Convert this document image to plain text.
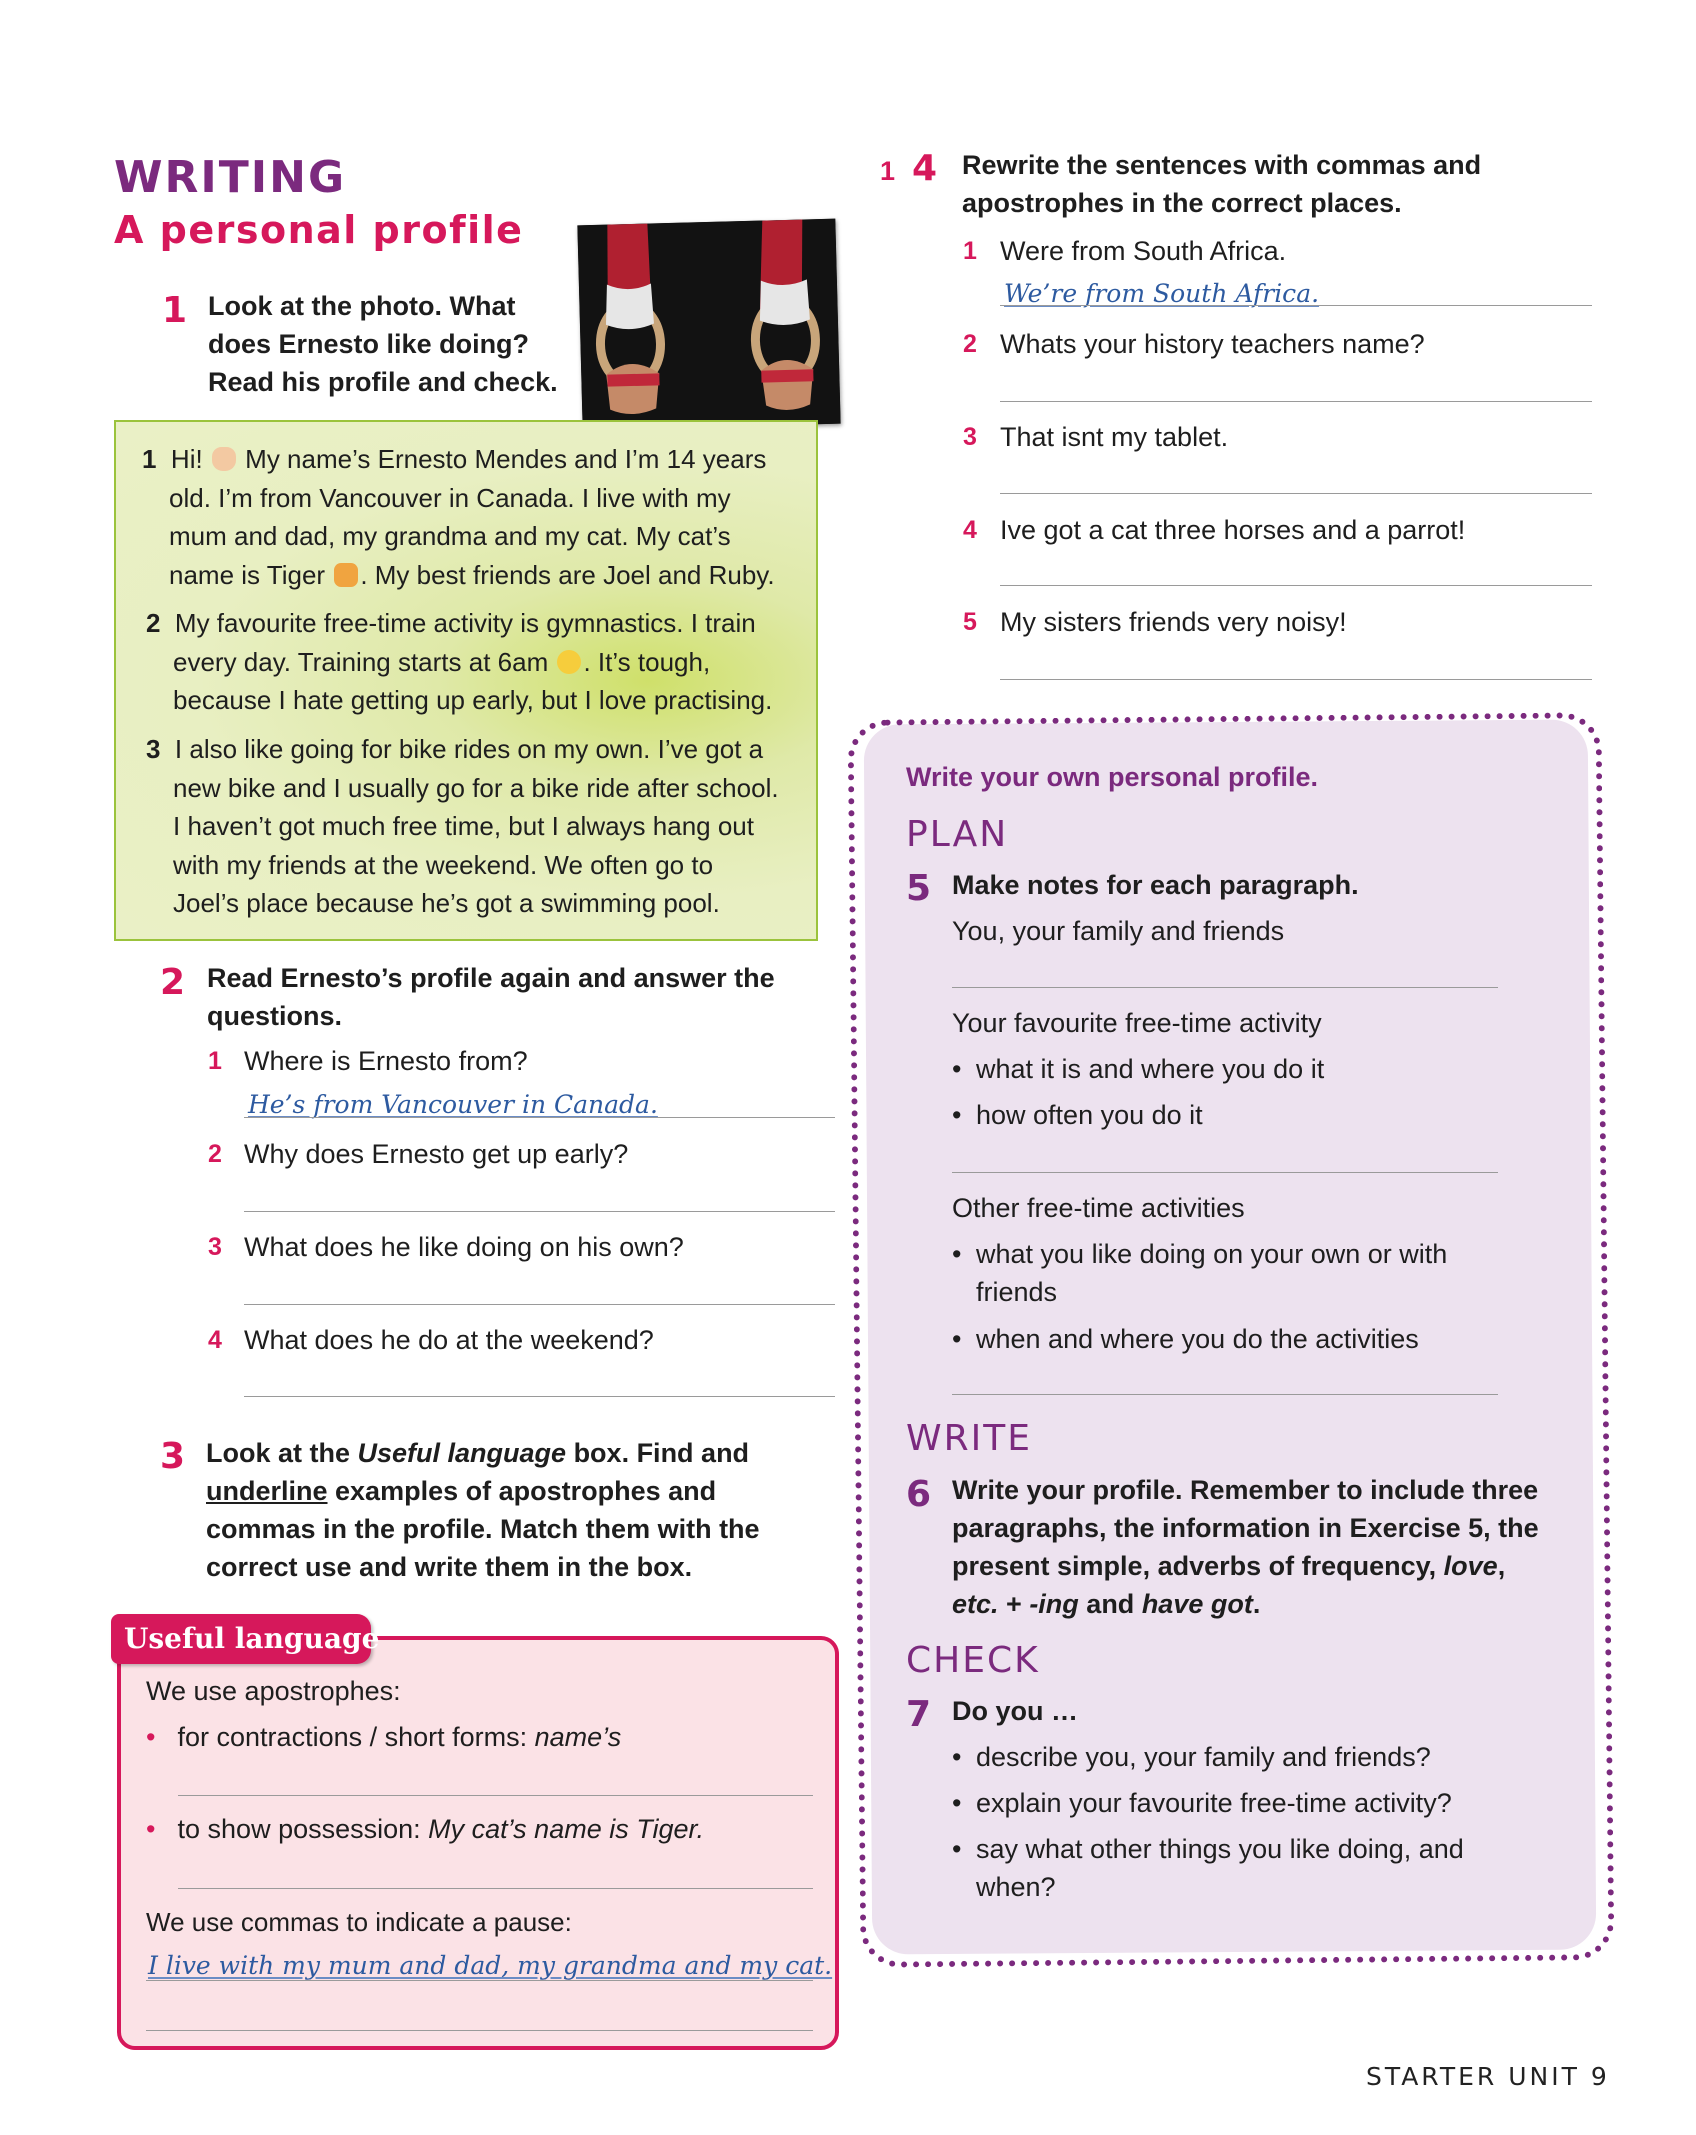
WRITING
A personal profile
1 Look at the photo. What
does Ernesto like doing?
Read his profile and check.
1 Hi! My name’s Ernesto Mendes and I’m 14 years
old. I’m from Vancouver in Canada. I live with my
mum and dad, my grandma and my cat. My cat’s
name is Tiger . My best friends are Joel and Ruby.
2 My favourite free-time activity is gymnastics. I train
every day. Training starts at 6am . It’s tough,
because I hate getting up early, but I love practising.
3 I also like going for bike rides on my own. I’ve got a
new bike and I usually go for a bike ride after school.
I haven’t got much free time, but I always hang out
with my friends at the weekend. We often go to
Joel’s place because he’s got a swimming pool.
2 Read Ernesto’s profile again and answer the
questions.
1 Where is Ernesto from?
He’s from Vancouver in Canada.
2 Why does Ernesto get up early?
3 What does he like doing on his own?
4 What does he do at the weekend?
3 Look at the Useful language box. Find and
underline examples of apostrophes and
commas in the profile. Match them with the
correct use and write them in the box.
Useful language
We use apostrophes:
• for contractions / short forms: name’s
• to show possession: My cat’s name is Tiger.
We use commas to indicate a pause:
I live with my mum and dad, my grandma and my cat.
1 4 Rewrite the sentences with commas and
apostrophes in the correct places.
1 Were from South Africa.
We’re from South Africa.
2 Whats your history teachers name?
3 That isnt my tablet.
4 Ive got a cat three horses and a parrot!
5 My sisters friends very noisy!
Write your own personal profile.
PLAN
5 Make notes for each paragraph.
You, your family and friends
Your favourite free-time activity
• what it is and where you do it
• how often you do it
Other free-time activities
• what you like doing on your own or with
friends
• when and where you do the activities
WRITE
6 Write your profile. Remember to include three
paragraphs, the information in Exercise 5, the
present simple, adverbs of frequency, love,
etc. + -ing and have got.
CHECK
7 Do you …
• describe you, your family and friends?
• explain your favourite free-time activity?
• say what other things you like doing, and
when?
STARTER UNIT 9
